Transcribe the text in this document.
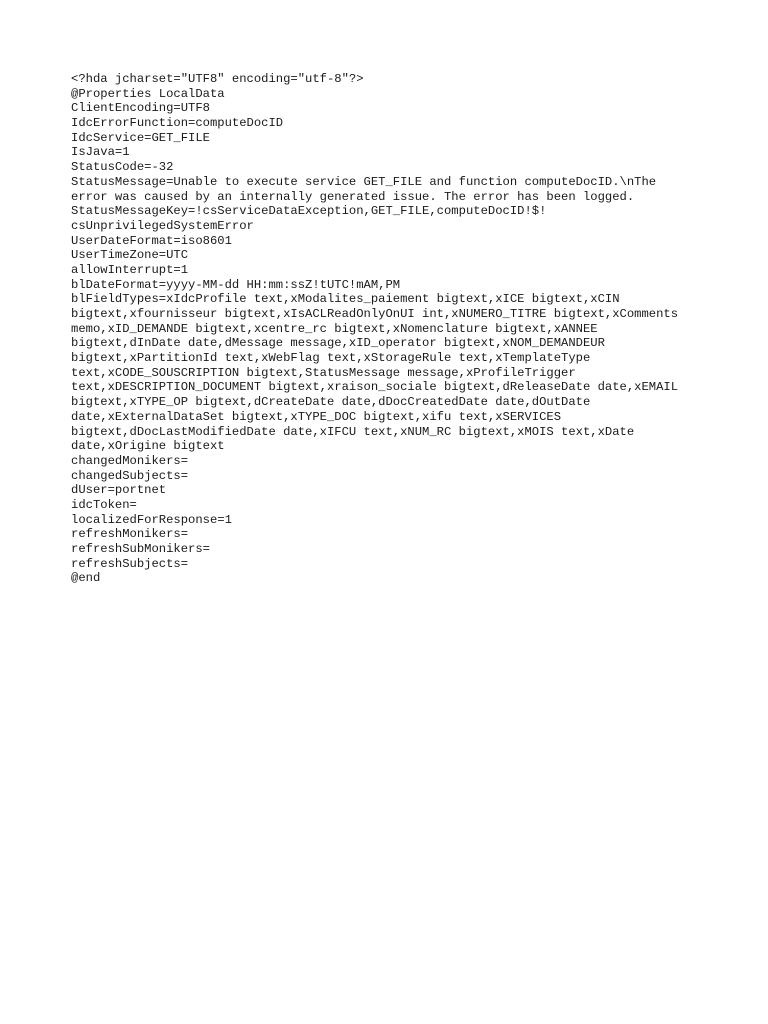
<?hda jcharset="UTF8" encoding="utf-8"?>
@Properties LocalData
ClientEncoding=UTF8
IdcErrorFunction=computeDocID
IdcService=GET_FILE
IsJava=1
StatusCode=-32
StatusMessage=Unable to execute service GET_FILE and function computeDocID.\nThe
error was caused by an internally generated issue. The error has been logged.
StatusMessageKey=!csServiceDataException,GET_FILE,computeDocID!$!
csUnprivilegedSystemError
UserDateFormat=iso8601
UserTimeZone=UTC
allowInterrupt=1
blDateFormat=yyyy-MM-dd HH:mm:ssZ!tUTC!mAM,PM
blFieldTypes=xIdcProfile text,xModalites_paiement bigtext,xICE bigtext,xCIN
bigtext,xfournisseur bigtext,xIsACLReadOnlyOnUI int,xNUMERO_TITRE bigtext,xComments
memo,xID_DEMANDE bigtext,xcentre_rc bigtext,xNomenclature bigtext,xANNEE
bigtext,dInDate date,dMessage message,xID_operator bigtext,xNOM_DEMANDEUR
bigtext,xPartitionId text,xWebFlag text,xStorageRule text,xTemplateType
text,xCODE_SOUSCRIPTION bigtext,StatusMessage message,xProfileTrigger
text,xDESCRIPTION_DOCUMENT bigtext,xraison_sociale bigtext,dReleaseDate date,xEMAIL
bigtext,xTYPE_OP bigtext,dCreateDate date,dDocCreatedDate date,dOutDate
date,xExternalDataSet bigtext,xTYPE_DOC bigtext,xifu text,xSERVICES
bigtext,dDocLastModifiedDate date,xIFCU text,xNUM_RC bigtext,xMOIS text,xDate
date,xOrigine bigtext
changedMonikers=
changedSubjects=
dUser=portnet
idcToken=
localizedForResponse=1
refreshMonikers=
refreshSubMonikers=
refreshSubjects=
@end
